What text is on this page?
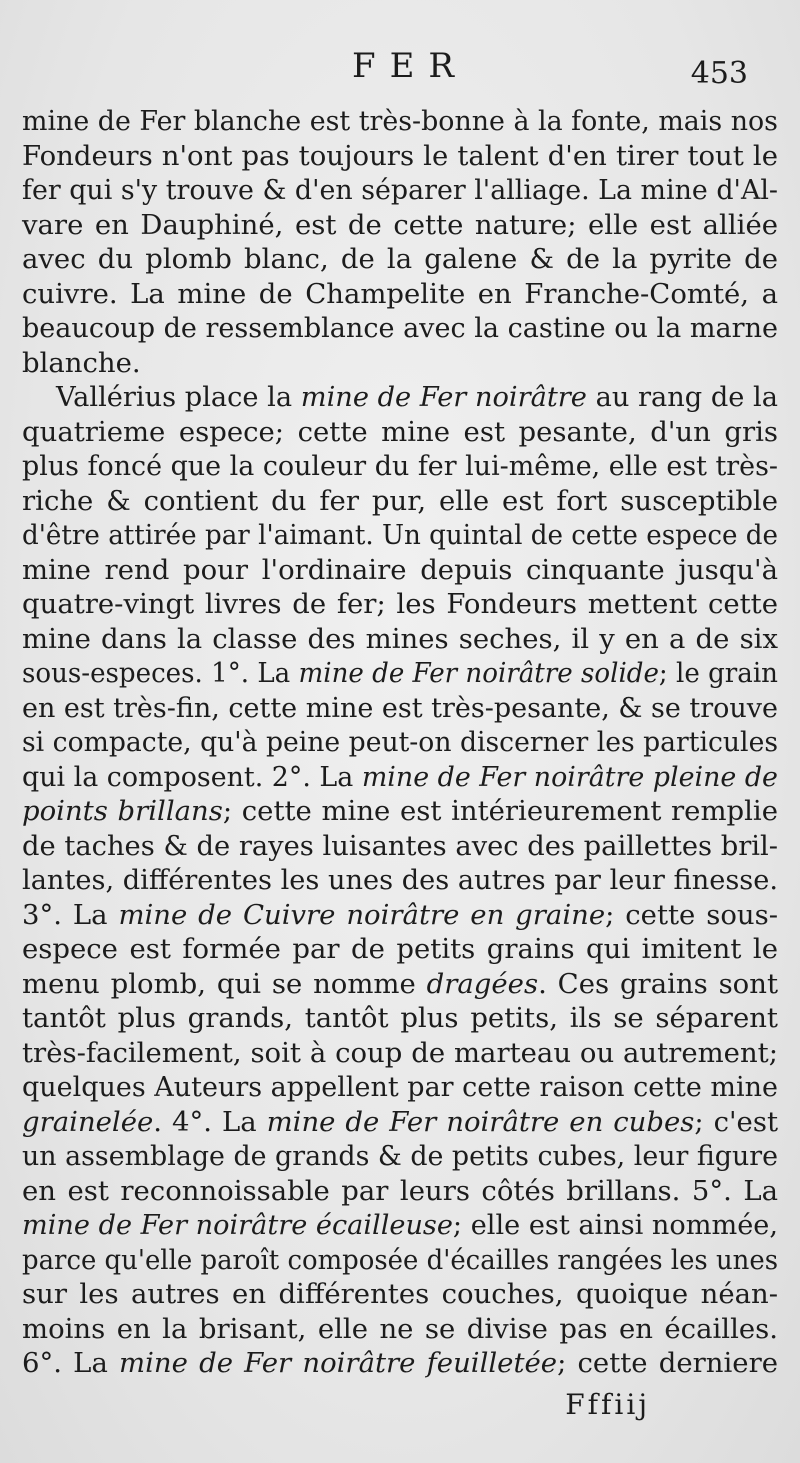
FER	453

mine de Fer blanche est très-bonne à la fonte, mais nos
Fondeurs n'ont pas toujours le talent d'en tirer tout le
fer qui s'y trouve & d'en séparer l'alliage. La mine d'Al-
vare en Dauphiné, est de cette nature; elle est alliée
avec du plomb blanc, de la galene & de la pyrite de
cuivre. La mine de Champelite en Franche-Comté, a
beaucoup de ressemblance avec la castine ou la marne
blanche.

Vallérius place la mine de Fer noirâtre au rang de la
quatrieme espece; cette mine est pesante, d'un gris
plus foncé que la couleur du fer lui-même, elle est très-
riche & contient du fer pur, elle est fort susceptible
d'être attirée par l'aimant. Un quintal de cette espece de
mine rend pour l'ordinaire depuis cinquante jusqu'à
quatre-vingt livres de fer; les Fondeurs mettent cette
mine dans la classe des mines seches, il y en a de six
sous-especes. 1°. La mine de Fer noirâtre solide; le grain
en est très-fin, cette mine est très-pesante, & se trouve
si compacte, qu'à peine peut-on discerner les particules
qui la composent. 2°. La mine de Fer noirâtre pleine de
points brillans; cette mine est intérieurement remplie
de taches & de rayes luisantes avec des paillettes bril-
lantes, différentes les unes des autres par leur finesse.
3°. La mine de Cuivre noirâtre en graine; cette sous-
espece est formée par de petits grains qui imitent le
menu plomb, qui se nomme dragées. Ces grains sont
tantôt plus grands, tantôt plus petits, ils se séparent
très-facilement, soit à coup de marteau ou autrement;
quelques Auteurs appellent par cette raison cette mine
grainelée. 4°. La mine de Fer noirâtre en cubes; c'est
un assemblage de grands & de petits cubes, leur figure
en est reconnoissable par leurs côtés brillans. 5°. La
mine de Fer noirâtre écailleuse; elle est ainsi nommée,
parce qu'elle paroît composée d'écailles rangées les unes
sur les autres en différentes couches, quoique néan-
moins en la brisant, elle ne se divise pas en écailles.
6°. La mine de Fer noirâtre feuilletée; cette derniere

Fffiij
